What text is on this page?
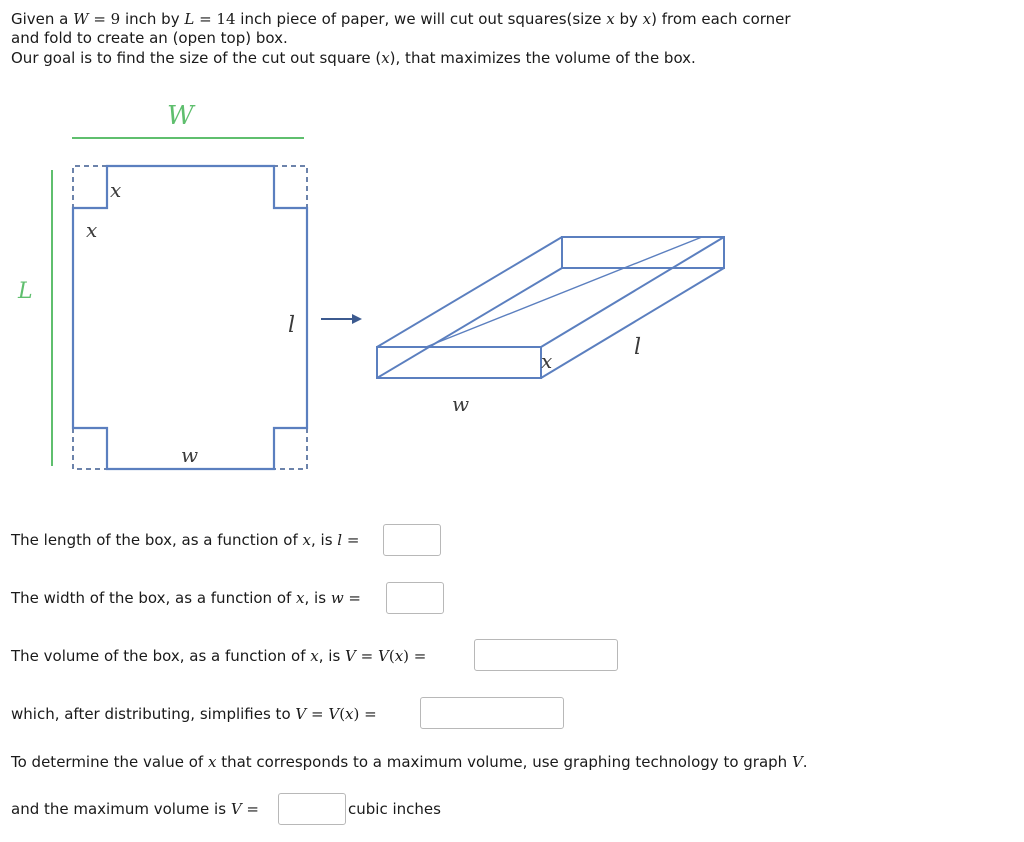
Given a W = 9 inch by L = 14 inch piece of paper, we will cut out squares(size x by x) from each corner
and fold to create an (open top) box.
Our goal is to find the size of the cut out square (x), that maximizes the volume of the box.
W
L
x
x
l
w
w
x
l
The length of the box, as a function of x, is l =
The width of the box, as a function of x, is w =
The volume of the box, as a function of x, is V = V(x) =
which, after distributing, simplifies to V = V(x) =
To determine the value of x that corresponds to a maximum volume, use graphing technology to graph V.
and the maximum volume is V =	cubic inches
